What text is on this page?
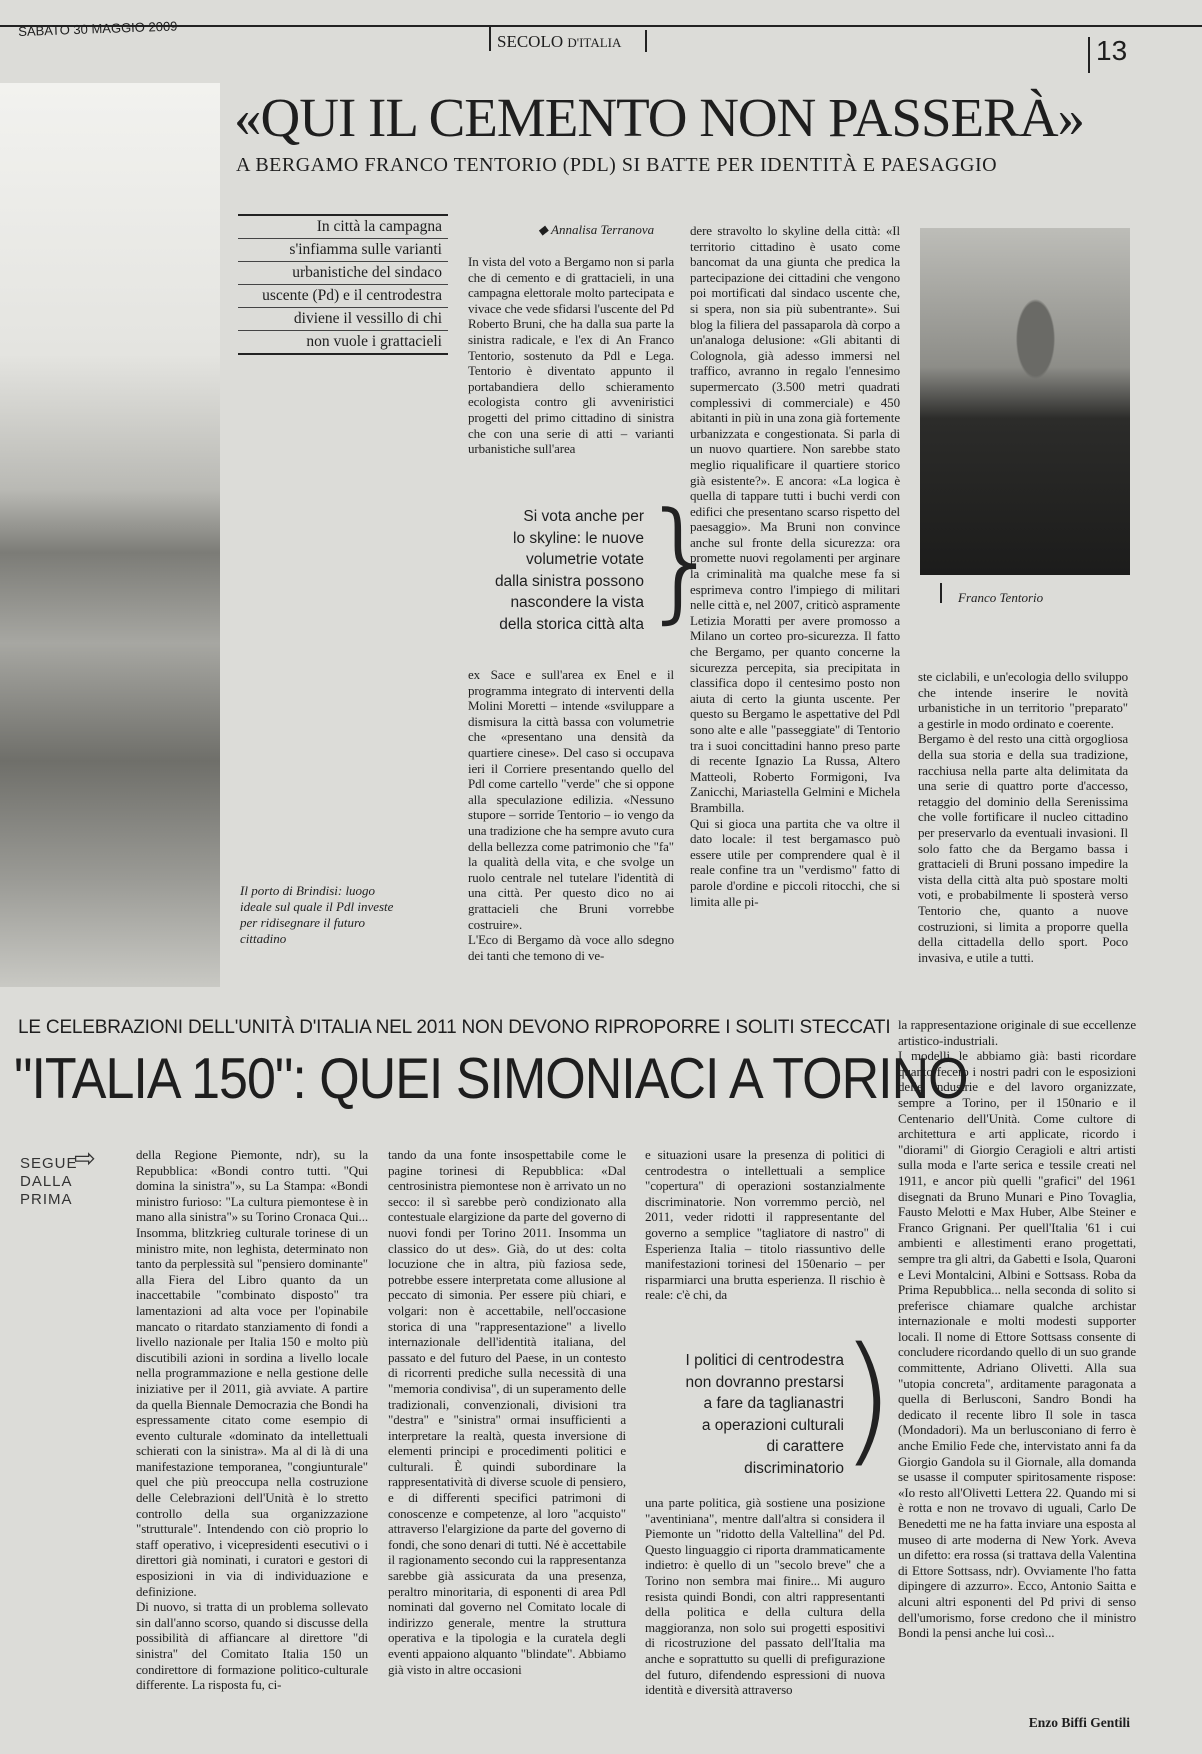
SABATO 30 MAGGIO 2009
SECOLO D'ITALIA	13
Il porto di Brindisi: luogo ideale sul quale il Pdl investe per ridisegnare il futuro cittadino
«QUI IL CEMENTO NON PASSERÀ»
A BERGAMO FRANCO TENTORIO (PDL) SI BATTE PER IDENTITÀ E PAESAGGIO
In città la campagna
s'infiamma sulle varianti
urbanistiche del sindaco
uscente (Pd) e il centrodestra
diviene il vessillo di chi
non vuole i grattacieli
◆ Annalisa Terranova
In vista del voto a Bergamo non si parla che di cemento e di grattacieli, in una campagna elettorale molto partecipata e vivace che vede sfidarsi l'uscente del Pd Roberto Bruni, che ha dalla sua parte la sinistra radicale, e l'ex di An Franco Tentorio, sostenuto da Pdl e Lega. Tentorio è diventato appunto il portabandiera dello schieramento ecologista contro gli avveniristici progetti del primo cittadino di sinistra che con una serie di atti – varianti urbanistiche sull'area
Si vota anche per
lo skyline: le nuove
volumetrie votate
dalla sinistra possono
nascondere la vista
della storica città alta
}
ex Sace e sull'area ex Enel e il programma integrato di interventi della Molini Moretti – intende «sviluppare a dismisura la città bassa con volumetrie che «presentano una densità da quartiere cinese». Del caso si occupava ieri il Corriere presentando quello del Pdl come cartello "verde" che si oppone alla speculazione edilizia. «Nessuno stupore – sorride Tentorio – io vengo da una tradizione che ha sempre avuto cura della bellezza come patrimonio che "fa" la qualità della vita, e che svolge un ruolo centrale nel tutelare l'identità di una città. Per questo dico no ai grattacieli che Bruni vorrebbe costruire».
L'Eco di Bergamo dà voce allo sdegno dei tanti che temono di ve-
dere stravolto lo skyline della città: «Il territorio cittadino è usato come bancomat da una giunta che predica la partecipazione dei cittadini che vengono poi mortificati dal sindaco uscente che, si spera, non sia più subentrante». Sui blog la filiera del passaparola dà corpo a un'analoga delusione: «Gli abitanti di Colognola, già adesso immersi nel traffico, avranno in regalo l'ennesimo supermercato (3.500 metri quadrati complessivi di commerciale) e 450 abitanti in più in una zona già fortemente urbanizzata e congestionata. Si parla di un nuovo quartiere. Non sarebbe stato meglio riqualificare il quartiere storico già esistente?». E ancora: «La logica è quella di tappare tutti i buchi verdi con edifici che presentano scarso rispetto del paesaggio». Ma Bruni non convince anche sul fronte della sicurezza: ora promette nuovi regolamenti per arginare la criminalità ma qualche mese fa si esprimeva contro l'impiego di militari nelle città e, nel 2007, criticò aspramente Letizia Moratti per avere promosso a Milano un corteo pro-sicurezza. Il fatto che Bergamo, per quanto concerne la sicurezza percepita, sia precipitata in classifica dopo il centesimo posto non aiuta di certo la giunta uscente. Per questo su Bergamo le aspettative del Pdl sono alte e alle "passeggiate" di Tentorio tra i suoi concittadini hanno preso parte di recente Ignazio La Russa, Altero Matteoli, Roberto Formigoni, Iva Zanicchi, Mariastella Gelmini e Michela Brambilla.
Qui si gioca una partita che va oltre il dato locale: il test bergamasco può essere utile per comprendere qual è il reale confine tra un "verdismo" fatto di parole d'ordine e piccoli ritocchi, che si limita alle pi-
Franco Tentorio
ste ciclabili, e un'ecologia dello sviluppo che intende inserire le novità urbanistiche in un territorio "preparato" a gestirle in modo ordinato e coerente.
Bergamo è del resto una città orgogliosa della sua storia e della sua tradizione, racchiusa nella parte alta delimitata da una serie di quattro porte d'accesso, retaggio del dominio della Serenissima che volle fortificare il nucleo cittadino per preservarlo da eventuali invasioni. Il solo fatto che da Bergamo bassa i grattacieli di Bruni possano impedire la vista della città alta può spostare molti voti, e probabilmente li sposterà verso Tentorio che, quanto a nuove costruzioni, si limita a proporre quella della cittadella dello sport. Poco invasiva, e utile a tutti.
LE CELEBRAZIONI DELL'UNITÀ D'ITALIA NEL 2011 NON DEVONO RIPROPORRE I SOLITI STECCATI
"ITALIA 150": QUEI SIMONIACI A TORINO
SEGUE
DALLA
PRIMA
⇨	della Regione Piemonte, ndr), su la Repubblica: «Bondi contro tutti. "Qui domina la sinistra"», su La Stampa: «Bondi ministro furioso: "La cultura piemontese è in mano alla sinistra"» su Torino Cronaca Qui... Insomma, blitzkrieg culturale torinese di un ministro mite, non leghista, determinato non tanto da perplessità sul "pensiero dominante" alla Fiera del Libro quanto da un inaccettabile "combinato disposto" tra lamentazioni ad alta voce per l'opinabile mancato o ritardato stanziamento di fondi a livello nazionale per Italia 150 e molto più discutibili azioni in sordina a livello locale nella programmazione e nella gestione delle iniziative per il 2011, già avviate. A partire da quella Biennale Democrazia che Bondi ha espressamente citato come esempio di evento culturale «dominato da intellettuali schierati con la sinistra». Ma al di là di una manifestazione temporanea, "congiunturale" quel che più preoccupa nella costruzione delle Celebrazioni dell'Unità è lo stretto controllo della sua organizzazione "strutturale". Intendendo con ciò proprio lo staff operativo, i vicepresidenti esecutivi o i direttori già nominati, i curatori e gestori di esposizioni in via di individuazione e definizione.
Di nuovo, si tratta di un problema sollevato sin dall'anno scorso, quando si discusse della possibilità di affiancare al direttore "di sinistra" del Comitato Italia 150 un condirettore di formazione politico-culturale differente. La risposta fu, ci-
tando da una fonte insospettabile come le pagine torinesi di Repubblica: «Dal centrosinistra piemontese non è arrivato un no secco: il sì sarebbe però condizionato alla contestuale elargizione da parte del governo di nuovi fondi per Torino 2011. Insomma un classico do ut des». Già, do ut des: colta locuzione che in altra, più faziosa sede, potrebbe essere interpretata come allusione al peccato di simonia. Per essere più chiari, e volgari: non è accettabile, nell'occasione storica di una "rappresentazione" a livello internazionale dell'identità italiana, del passato e del futuro del Paese, in un contesto di ricorrenti prediche sulla necessità di una "memoria condivisa", di un superamento delle tradizionali, convenzionali, divisioni tra "destra" e "sinistra" ormai insufficienti a interpretare la realtà, questa inversione di elementi principi e procedimenti politici e culturali. È quindi subordinare la rappresentatività di diverse scuole di pensiero, e di differenti specifici patrimoni di conoscenze e competenze, al loro "acquisto" attraverso l'elargizione da parte del governo di fondi, che sono denari di tutti. Né è accettabile il ragionamento secondo cui la rappresentanza sarebbe già assicurata da una presenza, peraltro minoritaria, di esponenti di area Pdl nominati dal governo nel Comitato locale di indirizzo generale, mentre la struttura operativa e la tipologia e la curatela degli eventi appaiono alquanto "blindate". Abbiamo già visto in altre occasioni
e situazioni usare la presenza di politici di centrodestra o intellettuali a semplice "copertura" di operazioni sostanzialmente discriminatorie. Non vorremmo perciò, nel 2011, veder ridotti il rappresentante del governo a semplice "tagliatore di nastro" di Esperienza Italia – titolo riassuntivo delle manifestazioni torinesi del 150enario – per risparmiarci una brutta esperienza. Il rischio è reale: c'è chi, da
I politici di centrodestra
non dovranno prestarsi
a fare da taglianastri
a operazioni culturali
di carattere
discriminatorio
)
una parte politica, già sostiene una posizione "aventiniana", mentre dall'altra si considera il Piemonte un "ridotto della Valtellina" del Pd. Questo linguaggio ci riporta drammaticamente indietro: è quello di un "secolo breve" che a Torino non sembra mai finire... Mi auguro resista quindi Bondi, con altri rappresentanti della politica e della cultura della maggioranza, non solo sui progetti espositivi di ricostruzione del passato dell'Italia ma anche e soprattutto su quelli di prefigurazione del futuro, difendendo espressioni di nuova identità e diversità attraverso
la rappresentazione originale di sue eccellenze artistico-industriali.
I modelli le abbiamo già: basti ricordare quanto fecero i nostri padri con le esposizioni delle industrie e del lavoro organizzate, sempre a Torino, per il 150nario e il Centenario dell'Unità. Come cultore di architettura e arti applicate, ricordo i "diorami" di Giorgio Ceragioli e altri artisti sulla moda e l'arte serica e tessile creati nel 1911, e ancor più quelli "grafici" del 1961 disegnati da Bruno Munari e Pino Tovaglia, Fausto Melotti e Max Huber, Albe Steiner e Franco Grignani. Per quell'Italia '61 i cui ambienti e allestimenti erano progettati, sempre tra gli altri, da Gabetti e Isola, Quaroni e Levi Montalcini, Albini e Sottsass. Roba da Prima Repubblica... nella seconda di solito si preferisce chiamare qualche archistar internazionale e molti modesti supporter locali. Il nome di Ettore Sottsass consente di concludere ricordando quello di un suo grande committente, Adriano Olivetti. Alla sua "utopia concreta", arditamente paragonata a quella di Berlusconi, Sandro Bondi ha dedicato il recente libro Il sole in tasca (Mondadori). Ma un berlusconiano di ferro è anche Emilio Fede che, intervistato anni fa da Giorgio Gandola su il Giornale, alla domanda se usasse il computer spiritosamente rispose: «Io resto all'Olivetti Lettera 22. Quando mi si è rotta e non ne trovavo di uguali, Carlo De Benedetti me ne ha fatta inviare una esposta al museo di arte moderna di New York. Aveva un difetto: era rossa (si trattava della Valentina di Ettore Sottsass, ndr). Ovviamente l'ho fatta dipingere di azzurro». Ecco, Antonio Saitta e alcuni altri esponenti del Pd privi di senso dell'umorismo, forse credono che il ministro Bondi la pensi anche lui così...
Enzo Biffi Gentili
